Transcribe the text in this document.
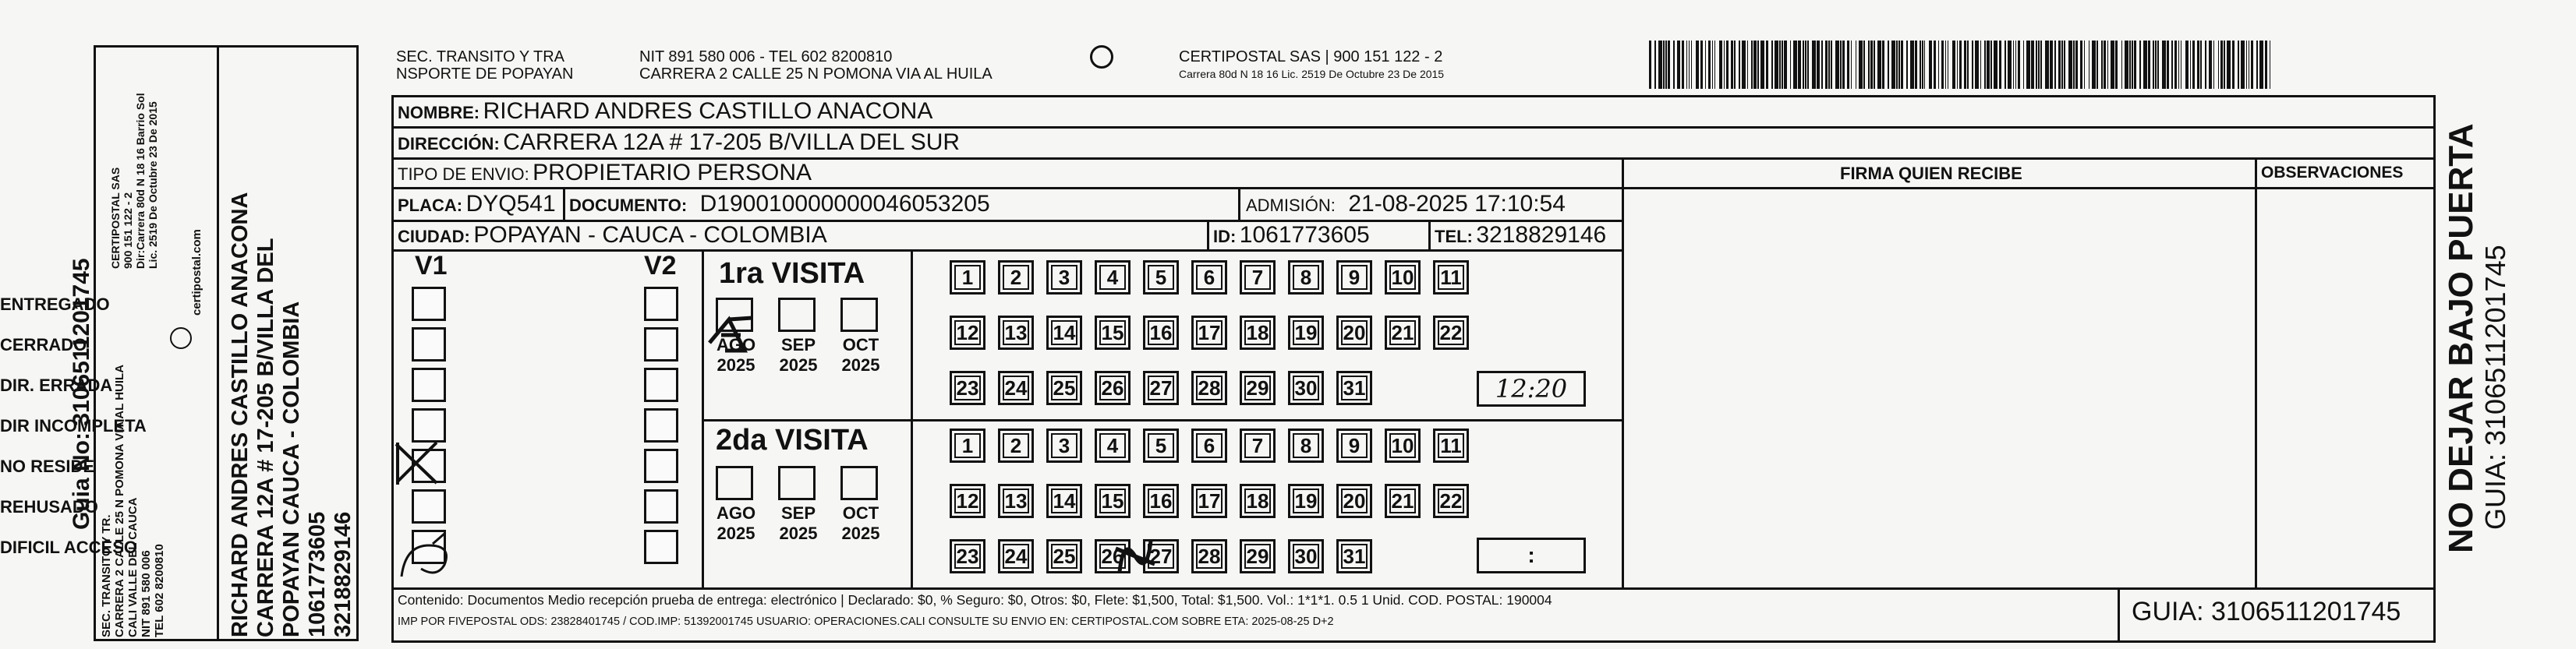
Guia No: 3106511201745
SEC. TRANSITO Y TR. CARRERA 2 CALLE 25 N POMONA VIA AL HUILA CALI VALLE DEL CAUCA NIT 891 580 006 TEL 602 8200810
CERTIPOSTAL SAS 900 151 122 - 2 Dir:Carrera 80d N 18 16 Barrio Sol Lic. 2519 De Octubre 23 De 2015
certipostal.com RICHARD ANDRES CASTILLO ANACONA CARRERA 12A # 17-205 B/VILLA DEL POPAYAN CAUCA - COLOMBIA 1061773605 3218829146
SEC. TRANSITO Y TRA
NSPORTE DE POPAYAN
NIT 891 580 006 - TEL 602 8200810
CARRERA 2 CALLE 25 N POMONA VIA AL HUILA
CERTIPOSTAL SAS | 900 151 122 - 2
Carrera 80d N 18 16 Lic. 2519 De Octubre 23 De 2015
NOMBRE: RICHARD ANDRES CASTILLO ANACONA
DIRECCIÓN: CARRERA 12A # 17-205 B/VILLA DEL SUR
TIPO DE ENVIO: PROPIETARIO PERSONA	FIRMA QUIEN RECIBE	OBSERVACIONES
PLACA: DYQ541 DOCUMENTO: D190010000000046053205	ADMISIÓN: 21-08-2025 17:10:54
CIUDAD: POPAYAN - CAUCA - COLOMBIA	ID: 1061773605	TEL: 3218829146
V1	V2
ENTREGADO
CERRADO
DIR. ERRADA
DIR INCOMPLETA
NO RESIDE
REHUSADO
DIFICIL ACCESO
1ra VISITA
2da VISITA
AGO
2025
SEP
2025
OCT
2025
AGO
2025
SEP
2025
OCT
2025
1	2	3	4	5	6	7	8	9	10	11
12	13	14	15	16	17	18	19	20	21	22
23	24	25	26	27	28	29	30	31
1	2	3	4	5	6	7	8	9	10	11
12	13	14	15	16	17	18	19	20	21	22
23	24	25	26	27	28	29	30	31
12:20
:
Contenido: Documentos Medio recepción prueba de entrega: electrónico | Declarado: $0, % Seguro: $0, Otros: $0, Flete: $1,500, Total: $1,500. Vol.: 1*1*1. 0.5 1 Unid. COD. POSTAL: 190004
IMP POR FIVEPOSTAL ODS: 23828401745 / COD.IMP: 51392001745 USUARIO: OPERACIONES.CALI CONSULTE SU ENVIO EN: CERTIPOSTAL.COM SOBRE ETA: 2025-08-25 D+2	GUIA: 3106511201745
NO DEJAR BAJO PUERTA GUIA: 3106511201745
